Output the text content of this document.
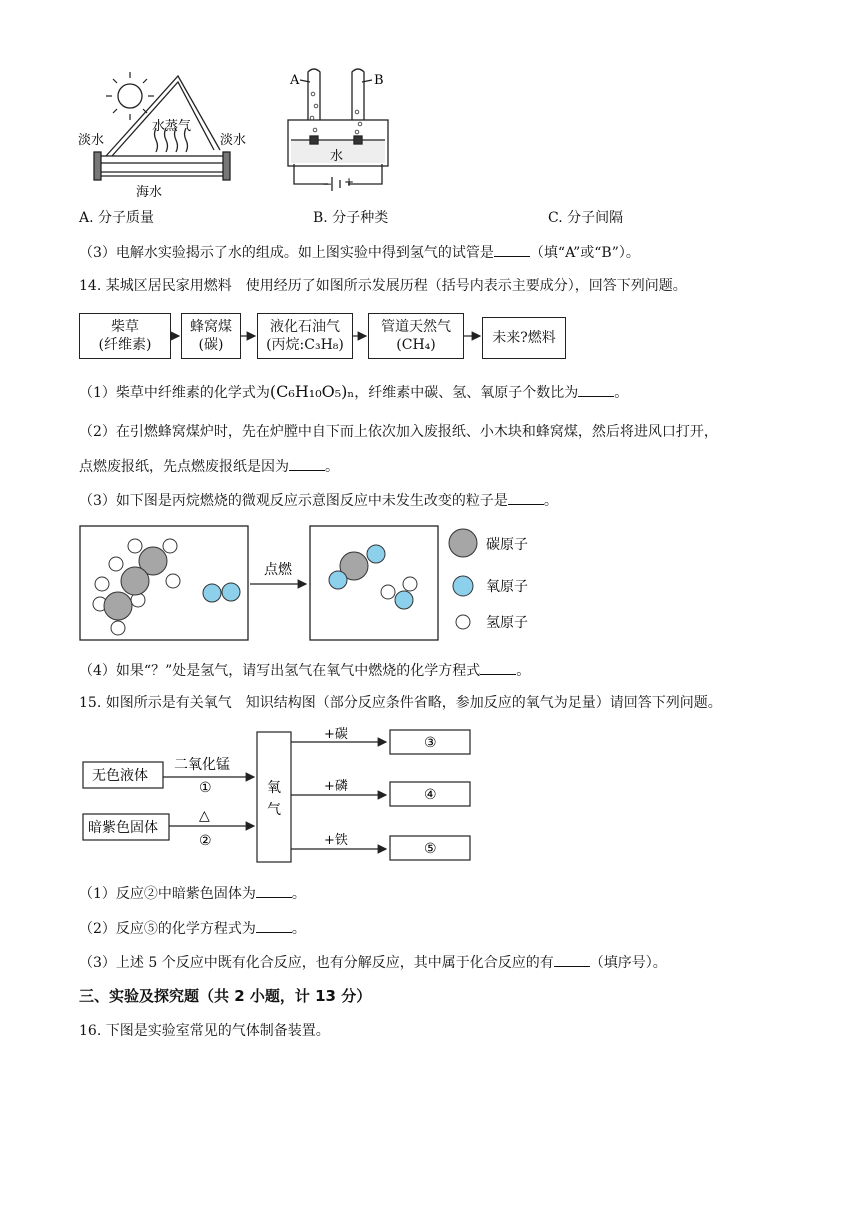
淡水
水蒸气
淡水
海水
A	B
水
− +
A. 分子质量	B. 分子种类	C. 分子间隔
（3）电解水实验揭示了水的组成。如上图实验中得到氢气的试管是	（填“A”或“B”）。
14. 某城区居民家用燃料　使用经历了如图所示发展历程（括号内表示主要成分），回答下列问题。
柴草
(纤维素)
蜂窝煤
(碳)
液化石油气
(丙烷:C₃H₈)
管道天然气
(CH₄)	未来?燃料
（1）柴草中纤维素的化学式为(C₆H₁₀O₅)ₙ，纤维素中碳、氢、氧原子个数比为	。
（2）在引燃蜂窝煤炉时，先在炉膛中自下而上依次加入废报纸、小木块和蜂窝煤，然后将进风口打开，
点燃废报纸，先点燃废报纸是因为	。
（3）如下图是丙烷燃烧的微观反应示意图反应中未发生改变的粒子是	。
点燃
碳原子
氧原子
氢原子
（4）如果“？”处是氢气，请写出氢气在氧气中燃烧的化学方程式	。
15. 如图所示是有关氧气　知识结构图（部分反应条件省略，参加反应的氧气为足量）请回答下列问题。
无色液体
暗紫色固体
二氧化锰
①
△
②
氧
气
+碳
+磷
+铁
③
④
⑤
（1）反应②中暗紫色固体为	。
（2）反应⑤的化学方程式为	。
（3）上述 5 个反应中既有化合反应，也有分解反应，其中属于化合反应的有	（填序号）。
三、实验及探究题（共 2 小题，计 13 分）
16. 下图是实验室常见的气体制备装置。
